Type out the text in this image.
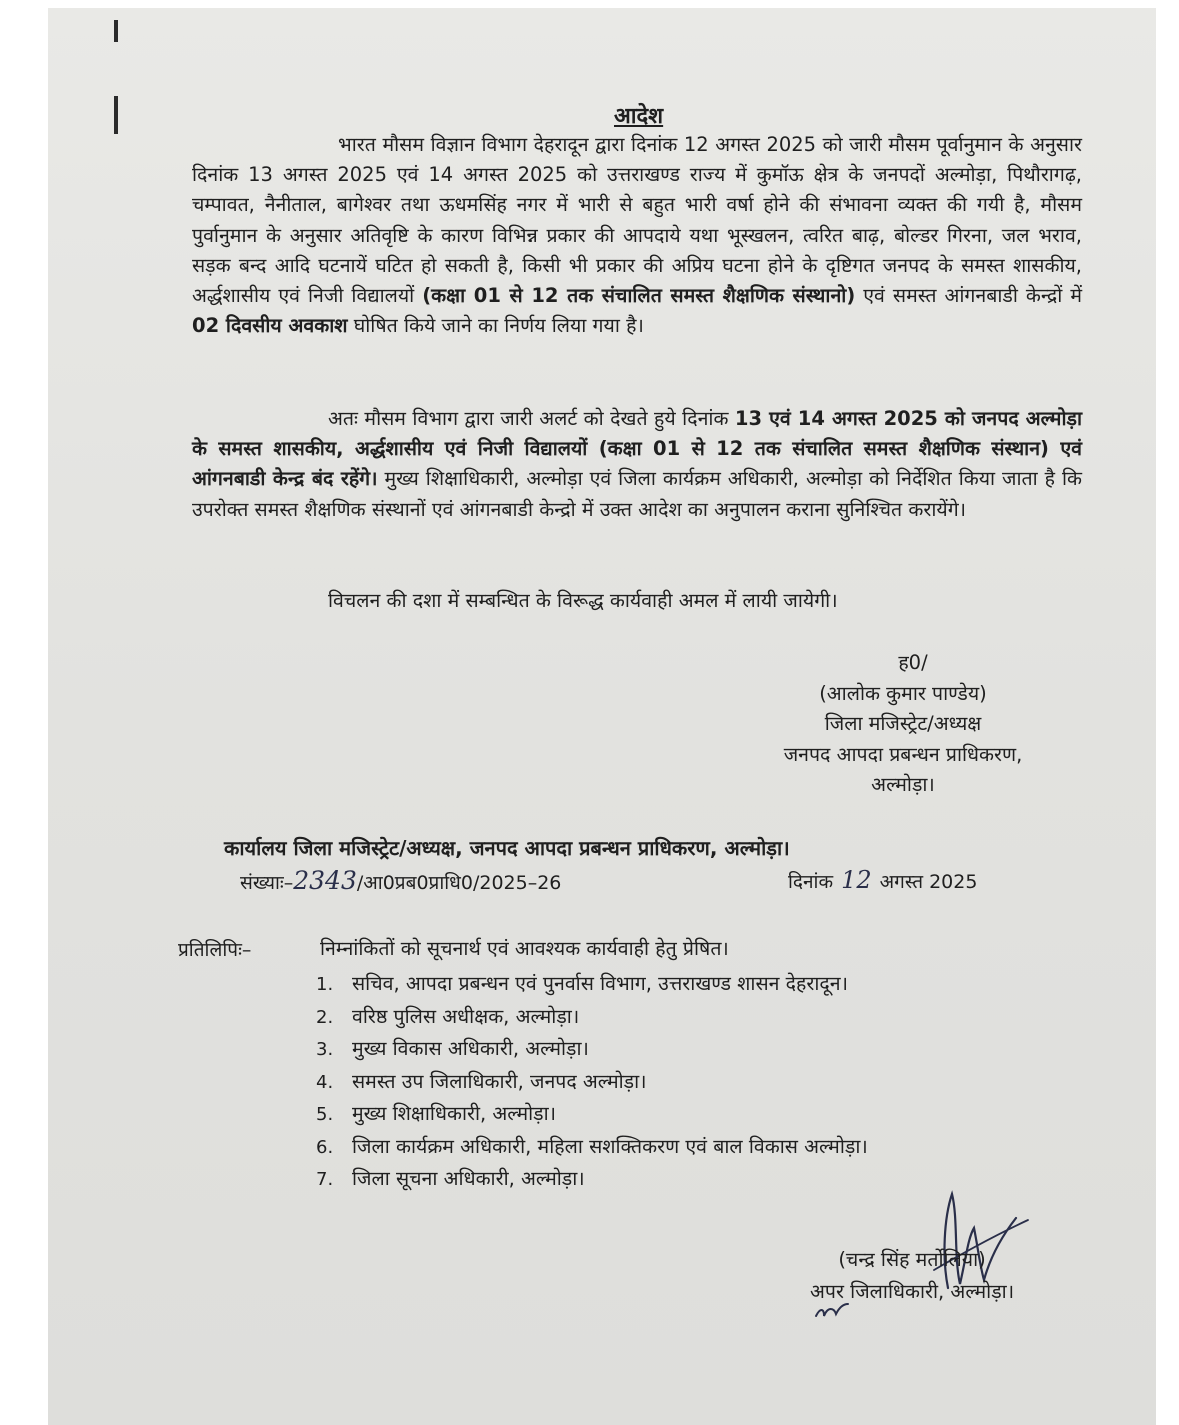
आदेश

भारत मौसम विज्ञान विभाग देहरादून द्वारा दिनांक 12 अगस्त 2025 को जारी मौसम पूर्वानुमान के अनुसार दिनांक 13 अगस्त 2025 एवं 14 अगस्त 2025 को उत्तराखण्ड राज्य में कुमॉऊ क्षेत्र के जनपदों अल्मोड़ा, पिथौरागढ़, चम्पावत, नैनीताल, बागेश्वर तथा ऊधमसिंह नगर में भारी से बहुत भारी वर्षा होने की संभावना व्यक्त की गयी है, मौसम पुर्वानुमान के अनुसार अतिवृष्टि के कारण विभिन्न प्रकार की आपदाये यथा भूस्खलन, त्वरित बाढ़, बोल्डर गिरना, जल भराव, सड़क बन्द आदि घटनायें घटित हो सकती है, किसी भी प्रकार की अप्रिय घटना होने के दृष्टिगत जनपद के समस्त शासकीय, अर्द्धशासीय एवं निजी विद्यालयों (कक्षा 01 से 12 तक संचालित समस्त शैक्षणिक संस्थानो) एवं समस्त आंगनबाडी केन्द्रों में 02 दिवसीय अवकाश घोषित किये जाने का निर्णय लिया गया है।

अतः मौसम विभाग द्वारा जारी अलर्ट को देखते हुये दिनांक 13 एवं 14 अगस्त 2025 को जनपद अल्मोड़ा के समस्त शासकीय, अर्द्धशासीय एवं निजी विद्यालयों (कक्षा 01 से 12 तक संचालित समस्त शैक्षणिक संस्थान) एवं आंगनबाडी केन्द्र बंद रहेंगे। मुख्य शिक्षाधिकारी, अल्मोड़ा एवं जिला कार्यक्रम अधिकारी, अल्मोड़ा को निर्देशित किया जाता है कि उपरोक्त समस्त शैक्षणिक संस्थानों एवं आंगनबाडी केन्द्रो में उक्त आदेश का अनुपालन कराना सुनिश्चित करायेंगे।

विचलन की दशा में सम्बन्धित के विरूद्ध कार्यवाही अमल में लायी जायेगी।

ह0/
(आलोक कुमार पाण्डेय)
जिला मजिस्ट्रेट/अध्यक्ष
जनपद आपदा प्रबन्धन प्राधिकरण,
अल्मोड़ा।
कार्यालय जिला मजिस्ट्रेट/अध्यक्ष, जनपद आपदा प्रबन्धन प्राधिकरण, अल्मोड़ा।
संख्याः–2343/आ0प्रब0प्राधि0/2025–26	दिनांक 12 अगस्त 2025
प्रतिलिपिः–	निम्नांकितों को सूचनार्थ एवं आवश्यक कार्यवाही हेतु प्रेषित।
1. सचिव, आपदा प्रबन्धन एवं पुनर्वास विभाग, उत्तराखण्ड शासन देहरादून।
2. वरिष्ठ पुलिस अधीक्षक, अल्मोड़ा।
3. मुख्य विकास अधिकारी, अल्मोड़ा।
4. समस्त उप जिलाधिकारी, जनपद अल्मोड़ा।
5. मुख्य शिक्षाधिकारी, अल्मोड़ा।
6. जिला कार्यक्रम अधिकारी, महिला सशक्तिकरण एवं बाल विकास अल्मोड़ा।
7. जिला सूचना अधिकारी, अल्मोड़ा।
(चन्द्र सिंह मर्तोलिया)
अपर जिलाधिकारी, अल्मोड़ा।
